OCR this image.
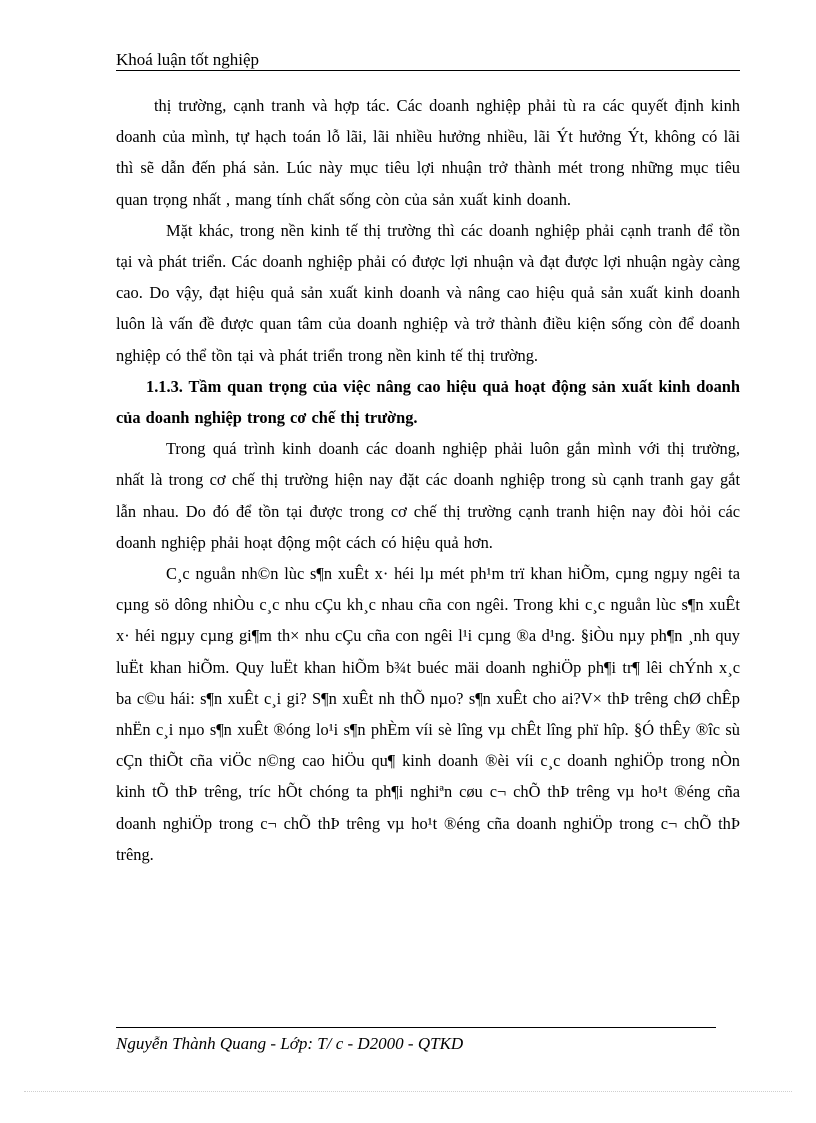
Khoá luận tốt nghiệp

thị trường, cạnh tranh và hợp tác. Các doanh nghiệp phải tù ra các quyết định kinh doanh của mình, tự hạch toán lỗ lãi, lãi nhiều hưởng nhiều, lãi Ýt hưởng Ýt, không có lãi thì sẽ dẫn đến phá sản. Lúc này mục tiêu lợi nhuận trở thành mét trong những mục tiêu quan trọng nhất , mang tính chất sống còn của sản xuất kinh doanh.

Mặt khác, trong nền kinh tế thị trường thì các doanh nghiệp phải cạnh tranh để tồn tại và phát triển. Các doanh nghiệp phải có được lợi nhuận và đạt được lợi nhuận ngày càng cao. Do vậy, đạt hiệu quả sản xuất kinh doanh và nâng cao hiệu quả sản xuất kinh doanh luôn là vấn đề được quan tâm của doanh nghiệp và trở thành điều kiện sống còn để doanh nghiệp có thể tồn tại và phát triển trong nền kinh tế thị trường.

1.1.3. Tầm quan trọng của việc nâng cao hiệu quả hoạt động sản xuất kinh doanh của doanh nghiệp trong cơ chế thị trường.

Trong quá trình kinh doanh các doanh nghiệp phải luôn gắn mình với thị trường, nhất là trong cơ chế thị trường hiện nay đặt các doanh nghiệp trong sù cạnh tranh gay gắt lẫn nhau. Do đó để tồn tại được trong cơ chế thị trường cạnh tranh hiện nay đòi hỏi các doanh nghiệp phải hoạt động một cách có hiệu quả hơn.

C¸c nguån nh©n lùc s¶n xuÊt x· héi lµ mét ph¹m trï khan hiÕm, cµng ngµy ngêi ta cµng sö dông nhiÒu c¸c nhu cÇu kh¸c nhau cña con ngêi. Trong khi c¸c nguån lùc s¶n xuÊt x· héi ngµy cµng gi¶m th× nhu cÇu cña con ngêi l¹i cµng ®a d¹ng. §iÒu nµy ph¶n ¸nh quy luËt khan hiÕm. Quy luËt khan hiÕm b¾t buéc mäi doanh nghiÖp ph¶i tr¶ lêi chÝnh x¸c ba c©u hái: s¶n xuÊt c¸i gi? S¶n xuÊt nh thÕ nµo? s¶n xuÊt cho ai?V× thÞ trêng chØ chÊp nhËn c¸i nµo s¶n xuÊt ®óng lo¹i s¶n phÈm víi sè lîng vµ chÊt lîng phï hîp. §Ó thÊy ®îc sù cÇn thiÕt cña viÖc n©ng cao hiÖu qu¶ kinh doanh ®èi víi c¸c doanh nghiÖp trong nÒn kinh tÕ thÞ trêng, tríc hÕt chóng ta ph¶i nghiªn cøu c¬ chÕ thÞ trêng vµ ho¹t ®éng cña doanh nghiÖp trong c¬ chÕ thÞ trêng vµ ho¹t ®éng cña doanh nghiÖp trong c¬ chÕ thÞ trêng.

Nguyễn Thành Quang - Lớp: T/ c - D2000 - QTKD
